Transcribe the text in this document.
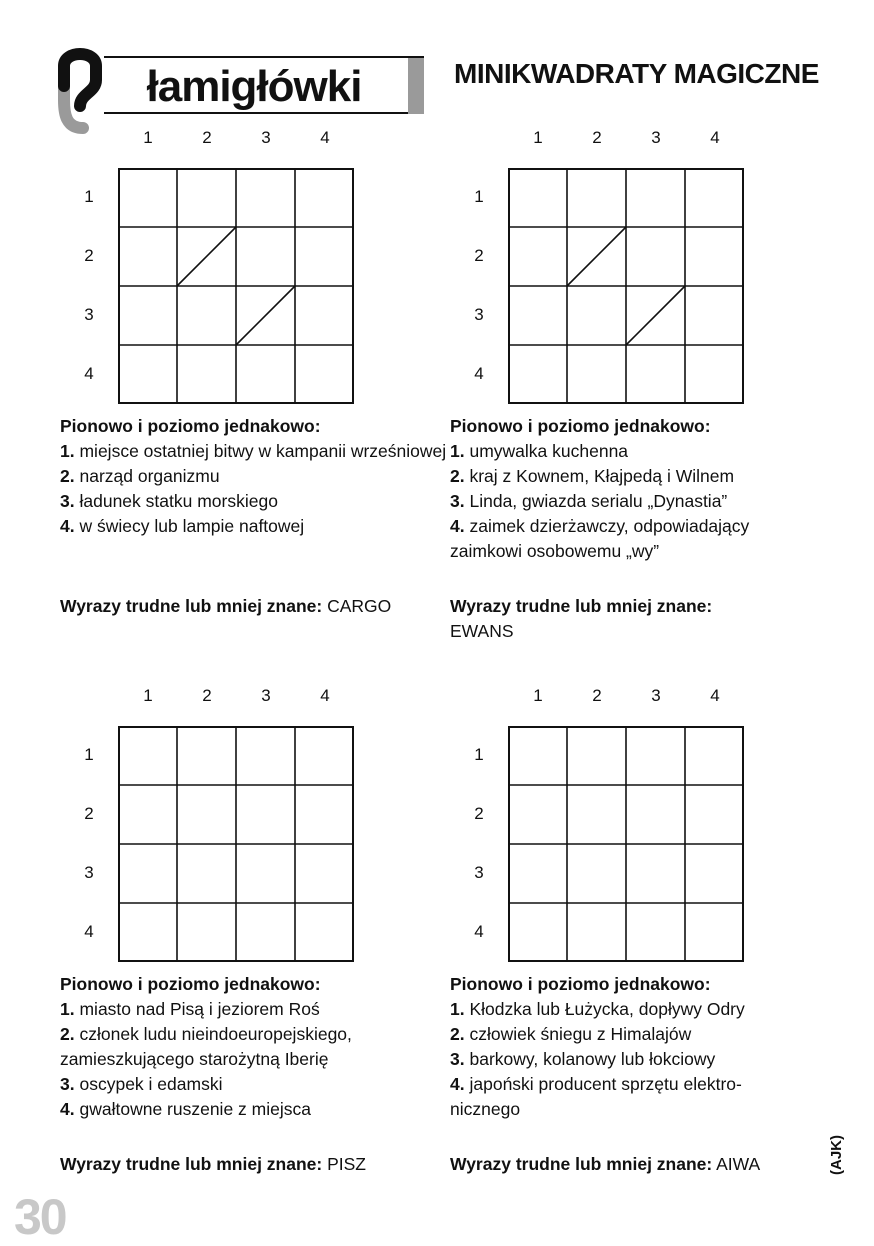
łamigłówki	MINIKWADRATY MAGICZNE
1	2	3	4
1
2
3
4

Pionowo i poziomo jednakowo:

1. miejsce ostatniej bitwy w kampanii wrześniowej

2. narząd organizmu

3. ładunek statku morskiego

4. w świecy lub lampie naftowej

Wyrazy trudne lub mniej znane: CARGO
1	2	3	4
1
2
3
4

Pionowo i poziomo jednakowo:

1. umywalka kuchenna

2. kraj z Kownem, Kłajpedą i Wilnem

3. Linda, gwiazda serialu „Dynastia”

4. zaimek dzierżawczy, odpowiadający zaimkowi osobowemu „wy”

Wyrazy trudne lub mniej znane: EWANS
1	2	3	4
1
2
3
4

Pionowo i poziomo jednakowo:

1. miasto nad Pisą i jeziorem Roś

2. członek ludu nieindoeuropejskiego, zamieszkującego starożytną Iberię

3. oscypek i edamski

4. gwałtowne ruszenie z miejsca

Wyrazy trudne lub mniej znane: PISZ
1	2	3	4
1
2
3
4

Pionowo i poziomo jednakowo:

1. Kłodzka lub Łużycka, dopływy Odry

2. człowiek śniegu z Himalajów

3. barkowy, kolanowy lub łokciowy

4. japoński producent sprzętu elektro-nicznego

Wyrazy trudne lub mniej znane: AIWA
30
(AJK)
